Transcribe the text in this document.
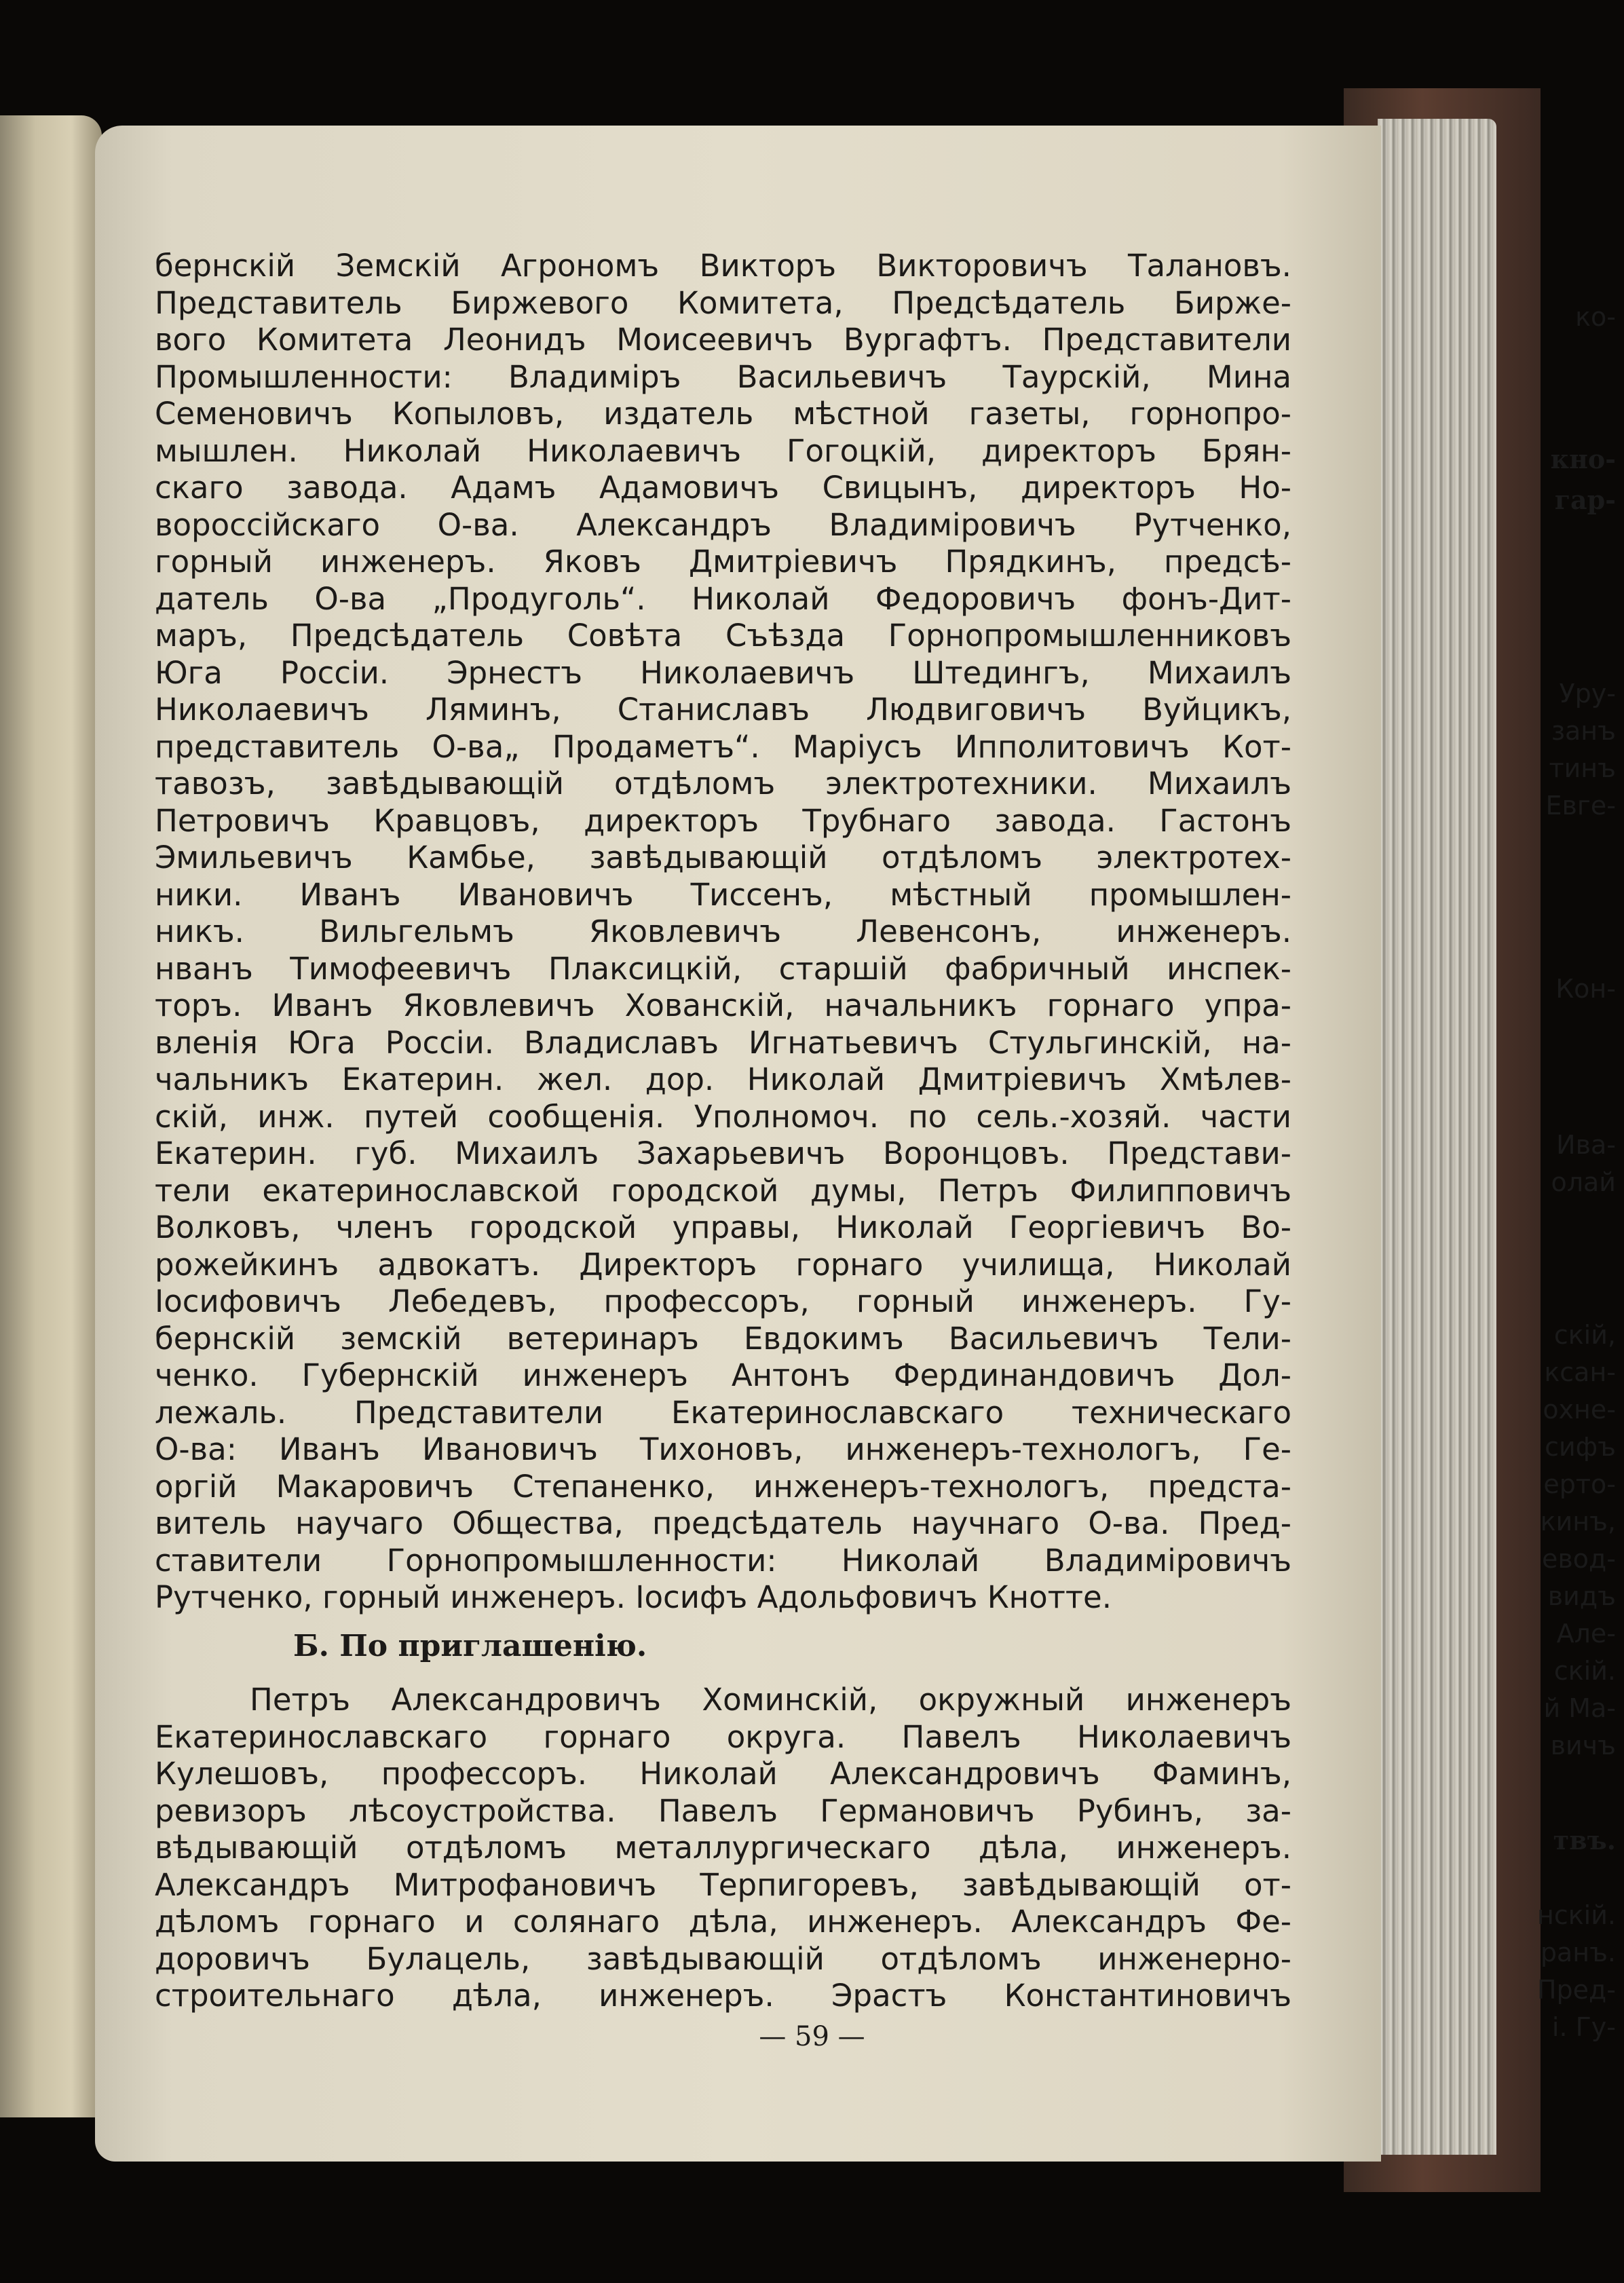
ко-
кно-
гар-
Уру-
занъ
тинъ
Евге-
Кон-
Ива-
олай
скій,
ксан-
охне-
сифъ
ерто-
кинъ,
евод-
видъ
Але-
скій.
й Ма-
вичъ
твъ.
нскій.
ранъ.
Пред-
і. Гу-
бернскій Земскій Агрономъ Викторъ Викторовичъ Талановъ.
Представитель Биржевого Комитета, Предсѣдатель Бирже-
вого Комитета Леонидъ Моисеевичъ Вургафтъ. Представители
Промышленности: Владиміръ Васильевичъ Таурскій, Мина
Семеновичъ Копыловъ, издатель мѣстной газеты, горнопро-
мышлен. Николай Николаевичъ Гогоцкій, директоръ Брян-
скаго завода. Адамъ Адамовичъ Свицынъ, директоръ Но-
вороссійскаго О-ва. Александръ Владиміровичъ Рутченко,
горный инженеръ. Яковъ Дмитріевичъ Прядкинъ, предсѣ-
датель О-ва „Продуголь“. Николай Федоровичъ фонъ-Дит-
маръ, Предсѣдатель Совѣта Съѣзда Горнопромышленниковъ
Юга Россіи. Эрнестъ Николаевичъ Штедингъ, Михаилъ
Николаевичъ Ляминъ, Станиславъ Людвиговичъ Вуйцикъ,
представитель О-ва„ Продаметъ“. Маріусъ Ипполитовичъ Кот-
тавозъ, завѣдывающій отдѣломъ электротехники. Михаилъ
Петровичъ Кравцовъ, директоръ Трубнаго завода. Гастонъ
Эмильевичъ Камбье, завѣдывающій отдѣломъ электротех-
ники. Иванъ Ивановичъ Тиссенъ, мѣстный промышлен-
никъ. Вильгельмъ Яковлевичъ Левенсонъ, инженеръ.
нванъ Тимофеевичъ Плаксицкій, старшій фабричный инспек-
торъ. Иванъ Яковлевичъ Хованскій, начальникъ горнаго упра-
вленія Юга Россіи. Владиславъ Игнатьевичъ Стульгинскій, на-
чальникъ Екатерин. жел. дор. Николай Дмитріевичъ Хмѣлев-
скій, инж. путей сообщенія. Уполномоч. по сель.-хозяй. части
Екатерин. губ. Михаилъ Захарьевичъ Воронцовъ. Представи-
тели екатеринославской городской думы, Петръ Филипповичъ
Волковъ, членъ городской управы, Николай Георгіевичъ Во-
рожейкинъ адвокатъ. Директоръ горнаго училища, Николай
Іосифовичъ Лебедевъ, профессоръ, горный инженеръ. Гу-
бернскій земскій ветеринаръ Евдокимъ Васильевичъ Тели-
ченко. Губернскій инженеръ Антонъ Фердинандовичъ Дол-
лежаль. Представители Екатеринославскаго техническаго
О-ва: Иванъ Ивановичъ Тихоновъ, инженеръ-технологъ, Ге-
оргій Макаровичъ Степаненко, инженеръ-технологъ, предста-
витель научаго Общества, предсѣдатель научнаго О-ва. Пред-
ставители Горнопромышленности: Николай Владиміровичъ
Рутченко, горный инженеръ. Іосифъ Адольфовичъ Кнотте.
Б. По приглашенію.
Петръ Александровичъ Хоминскій, окружный инженеръ
Екатеринославскаго горнаго округа. Павелъ Николаевичъ
Кулешовъ, профессоръ. Николай Александровичъ Фаминъ,
ревизоръ лѣсоустройства. Павелъ Германовичъ Рубинъ, за-
вѣдывающій отдѣломъ металлургическаго дѣла, инженеръ.
Александръ Митрофановичъ Терпигоревъ, завѣдывающій от-
дѣломъ горнаго и солянаго дѣла, инженеръ. Александръ Фе-
доровичъ Булацель, завѣдывающій отдѣломъ инженерно-
строительнаго дѣла, инженеръ. Эрастъ Константиновичъ
— 59 —
